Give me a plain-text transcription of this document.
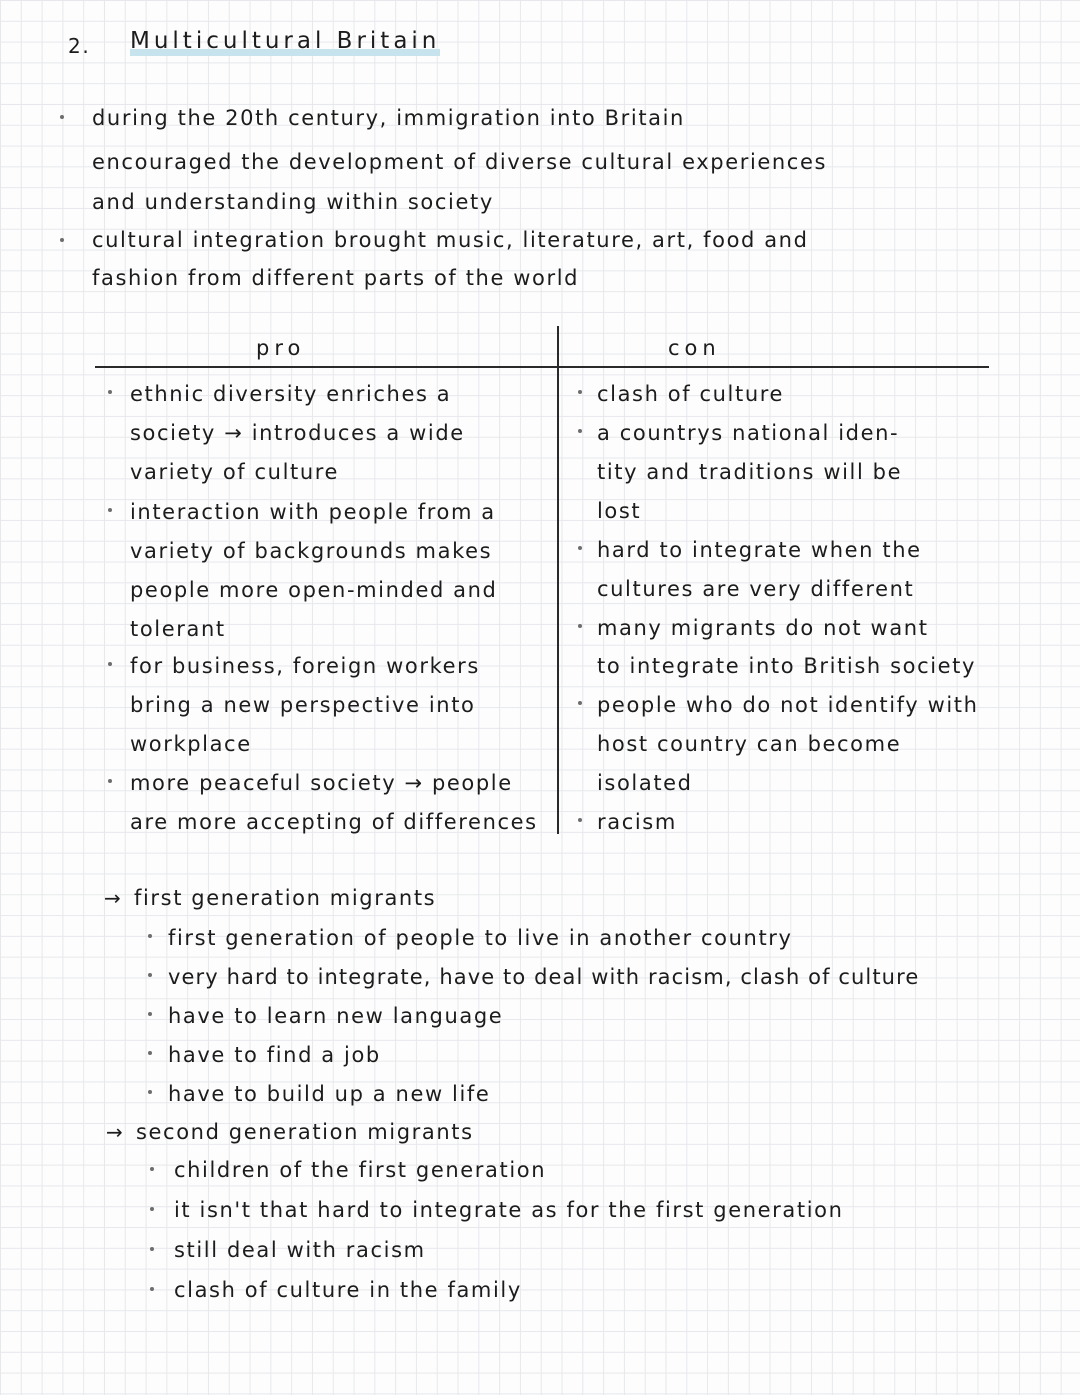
2. Multicultural Britain
during the 20th century, immigration into Britain
encouraged the development of diverse cultural experiences
and understanding within society
cultural integration brought music, literature, art, food and
fashion from different parts of the world
pro	con
ethnic diversity enriches a
society → introduces a wide
variety of culture
interaction with people from a
variety of backgrounds makes
people more open-minded and
tolerant
for business, foreign workers
bring a new perspective into
workplace
more peaceful society → people
are more accepting of differences
clash of culture
a countrys national iden-
tity and traditions will be
lost
hard to integrate when the
cultures are very different
many migrants do not want
to integrate into British society
people who do not identify with
host country can become
isolated
racism
→ first generation migrants
first generation of people to live in another country
very hard to integrate, have to deal with racism, clash of culture
have to learn new language
have to find a job
have to build up a new life
→ second generation migrants
children of the first generation
it isn't that hard to integrate as for the first generation
still deal with racism
clash of culture in the family
